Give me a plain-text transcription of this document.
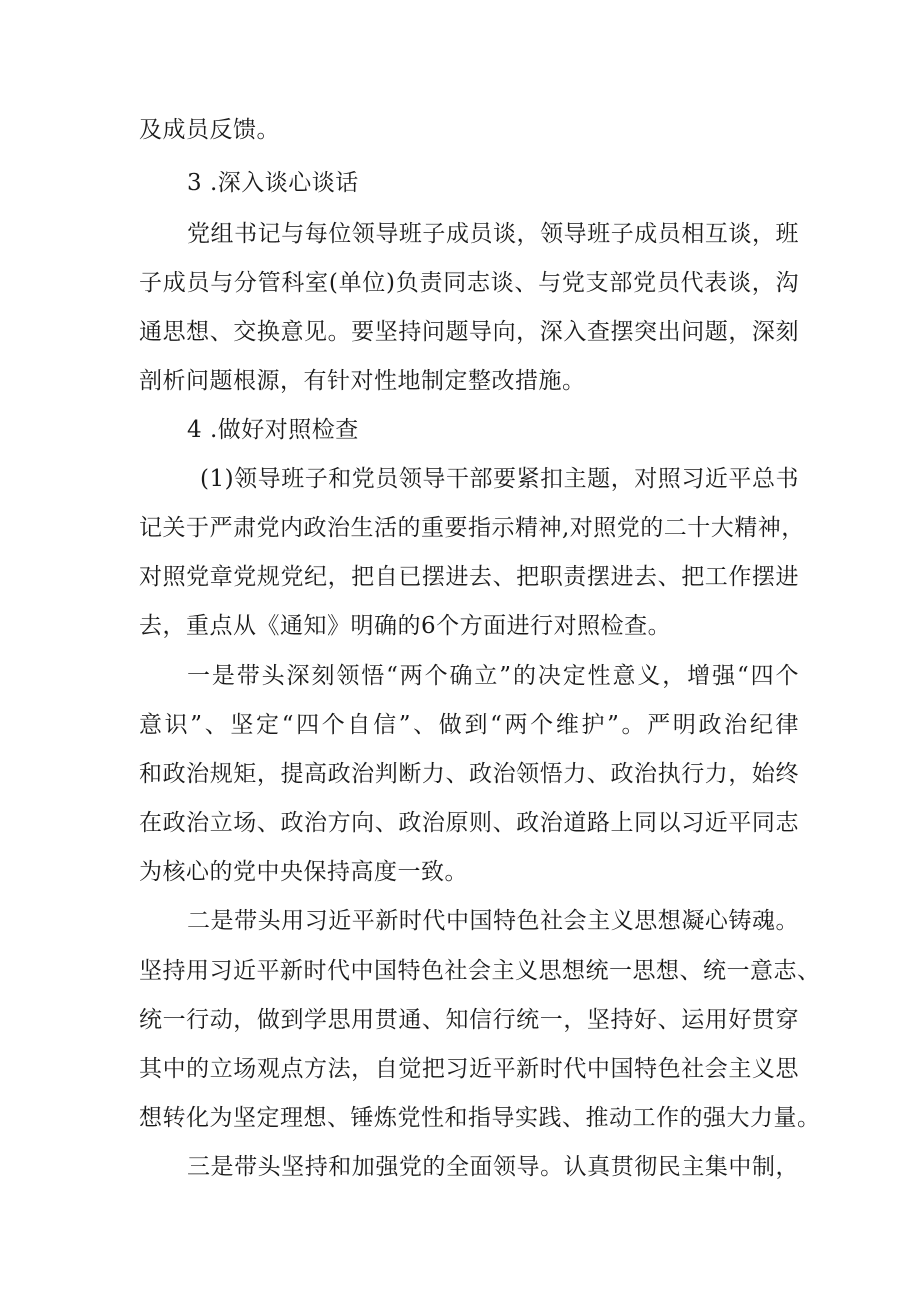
及成员反馈。
3 .深入谈心谈话
党组书记与每位领导班子成员谈，领导班子成员相互谈，班
子成员与分管科室(单位)负责同志谈、与党支部党员代表谈，沟
通思想、交换意见。要坚持问题导向，深入查摆突出问题，深刻
剖析问题根源，有针对性地制定整改措施。
4 .做好对照检查
(1)领导班子和党员领导干部要紧扣主题，对照习近平总书
记关于严肃党内政治生活的重要指示精神,对照党的二十大精神，
对照党章党规党纪，把自已摆进去、把职责摆进去、把工作摆进
去，重点从《通知》明确的6个方面进行对照检查。
一是带头深刻领悟“两个确立”的决定性意义，增强“四个
意识”、坚定“四个自信”、做到“两个维护”。严明政治纪律
和政治规矩，提高政治判断力、政治领悟力、政治执行力，始终
在政治立场、政治方向、政治原则、政治道路上同以习近平同志
为核心的党中央保持高度一致。
二是带头用习近平新时代中国特色社会主义思想凝心铸魂。
坚持用习近平新时代中国特色社会主义思想统一思想、统一意志、
统一行动，做到学思用贯通、知信行统一，坚持好、运用好贯穿
其中的立场观点方法，自觉把习近平新时代中国特色社会主义思
想转化为坚定理想、锤炼党性和指导实践、推动工作的强大力量。
三是带头坚持和加强党的全面领导。认真贯彻民主集中制，
